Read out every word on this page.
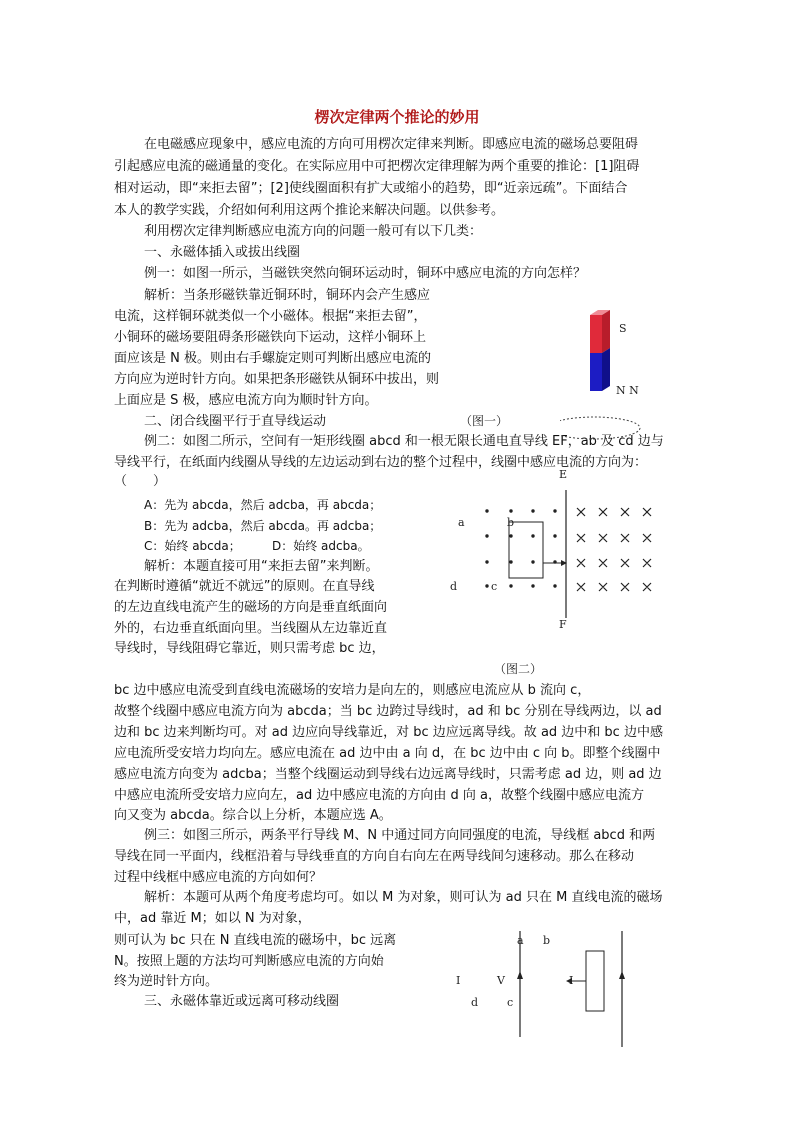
楞次定律两个推论的妙用
在电磁感应现象中，感应电流的方向可用楞次定律来判断。即感应电流的磁场总要阻碍
引起感应电流的磁通量的变化。在实际应用中可把楞次定律理解为两个重要的推论：[1]阻碍
相对运动，即“来拒去留”；[2]使线圈面积有扩大或缩小的趋势，即“近亲远疏”。下面结合
本人的教学实践，介绍如何利用这两个推论来解决问题。以供参考。
利用楞次定律判断感应电流方向的问题一般可有以下几类：
一、永磁体插入或拔出线圈
例一：如图一所示，当磁铁突然向铜环运动时，铜环中感应电流的方向怎样？
解析：当条形磁铁靠近铜环时，铜环内会产生感应
电流，这样铜环就类似一个小磁体。根据“来拒去留”，
小铜环的磁场要阻碍条形磁铁向下运动，这样小铜环上
面应该是 N 极。则由右手螺旋定则可判断出感应电流的
方向应为逆时针方向。如果把条形磁铁从铜环中拔出，则
上面应是 S 极，感应电流方向为顺时针方向。
二、闭合线圈平行于直导线运动
例二：如图二所示，空间有一矩形线圈 abcd 和一根无限长通电直导线 EF，ab 及 cd 边与
导线平行，在纸面内线圈从导线的左边运动到右边的整个过程中，线圈中感应电流的方向为：
（　　）
A：先为 abcda，然后 adcba，再 abcda；
B：先为 adcba，然后 abcda。再 adcba；
C：始终 abcda；	D：始终 adcba。
解析：本题直接可用“来拒去留”来判断。
在判断时遵循“就近不就远”的原则。在直导线
的左边直线电流产生的磁场的方向是垂直纸面向
外的，右边垂直纸面向里。当线圈从左边靠近直
导线时，导线阻碍它靠近，则只需考虑 bc 边，
bc 边中感应电流受到直线电流磁场的安培力是向左的，则感应电流应从 b 流向 c，
故整个线圈中感应电流方向为 abcda；当 bc 边跨过导线时，ad 和 bc 分别在导线两边，以 ad
边和 bc 边来判断均可。对 ad 边应向导线靠近，对 bc 边应远离导线。故 ad 边中和 bc 边中感
应电流所受安培力均向左。感应电流在 ad 边中由 a 向 d，在 bc 边中由 c 向 b。即整个线圈中
感应电流方向变为 adcba；当整个线圈运动到导线右边远离导线时，只需考虑 ad 边，则 ad 边
中感应电流所受安培力应向左，ad 边中感应电流的方向由 d 向 a，故整个线圈中感应电流方
向又变为 abcda。综合以上分析，本题应选 A。
例三：如图三所示，两条平行导线 M、N 中通过同方向同强度的电流，导线框 abcd 和两
导线在同一平面内，线框沿着与导线垂直的方向自右向左在两导线间匀速移动。那么在移动
过程中线框中感应电流的方向如何？
解析：本题可从两个角度考虑均可。如以 M 为对象，则可认为 ad 只在 M 直线电流的磁场
中，ad 靠近 M；如以 N 为对象，
则可认为 bc 只在 N 直线电流的磁场中，bc 远离
N。按照上题的方法均可判断感应电流的方向始
终为逆时针方向。
三、永磁体靠近或远离可移动线圈
S
N N
（图一）
E
F
a	b
c
d
（图二）
a b
I	V	I
d	c
